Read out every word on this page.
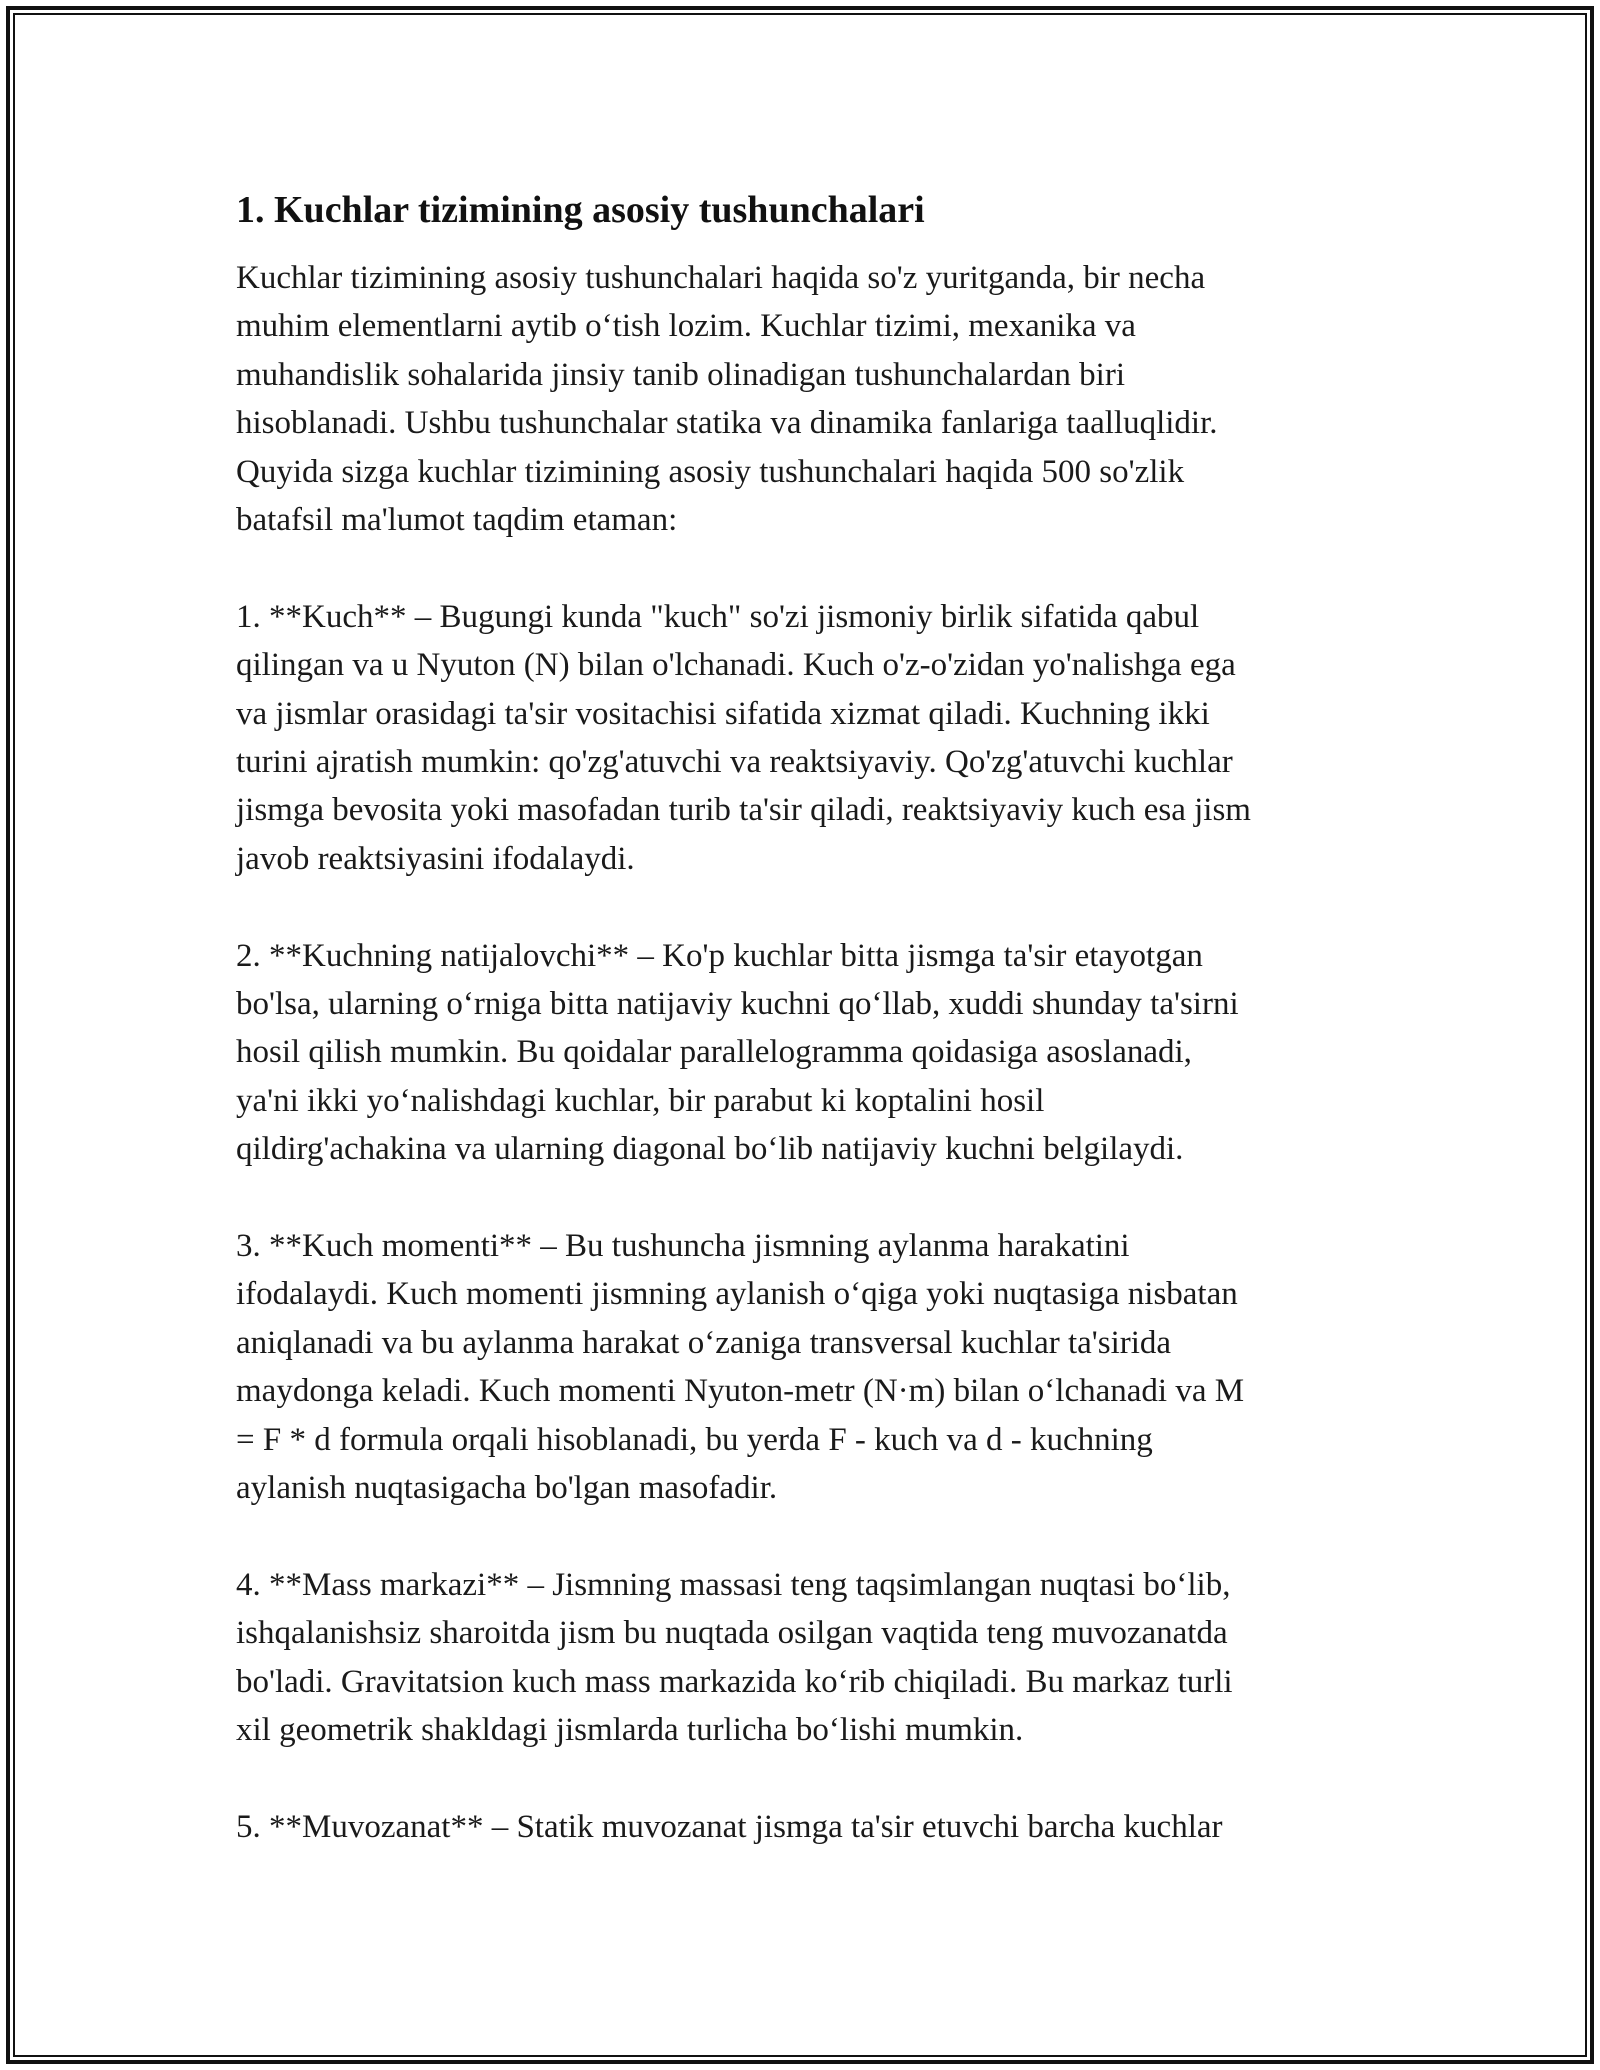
1. Kuchlar tizimining asosiy tushunchalari

Kuchlar tizimining asosiy tushunchalari haqida so'z yuritganda, bir necha
muhim elementlarni aytib o‘tish lozim. Kuchlar tizimi, mexanika va
muhandislik sohalarida jinsiy tanib olinadigan tushunchalardan biri
hisoblanadi. Ushbu tushunchalar statika va dinamika fanlariga taalluqlidir.
Quyida sizga kuchlar tizimining asosiy tushunchalari haqida 500 so'zlik
batafsil ma'lumot taqdim etaman:

1. **Kuch** – Bugungi kunda "kuch" so'zi jismoniy birlik sifatida qabul
qilingan va u Nyuton (N) bilan o'lchanadi. Kuch o'z-o'zidan yo'nalishga ega
va jismlar orasidagi ta'sir vositachisi sifatida xizmat qiladi. Kuchning ikki
turini ajratish mumkin: qo'zg'atuvchi va reaktsiyaviy. Qo'zg'atuvchi kuchlar
jismga bevosita yoki masofadan turib ta'sir qiladi, reaktsiyaviy kuch esa jism
javob reaktsiyasini ifodalaydi.

2. **Kuchning natijalovchi** – Ko'p kuchlar bitta jismga ta'sir etayotgan
bo'lsa, ularning o‘rniga bitta natijaviy kuchni qo‘llab, xuddi shunday ta'sirni
hosil qilish mumkin. Bu qoidalar parallelogramma qoidasiga asoslanadi,
ya'ni ikki yo‘nalishdagi kuchlar, bir parabut ki koptalini hosil
qildirg'achakina va ularning diagonal bo‘lib natijaviy kuchni belgilaydi.

3. **Kuch momenti** – Bu tushuncha jismning aylanma harakatini
ifodalaydi. Kuch momenti jismning aylanish o‘qiga yoki nuqtasiga nisbatan
aniqlanadi va bu aylanma harakat o‘zaniga transversal kuchlar ta'sirida
maydonga keladi. Kuch momenti Nyuton-metr (N·m) bilan o‘lchanadi va M
= F * d formula orqali hisoblanadi, bu yerda F - kuch va d - kuchning
aylanish nuqtasigacha bo'lgan masofadir.

4. **Mass markazi** – Jismning massasi teng taqsimlangan nuqtasi bo‘lib,
ishqalanishsiz sharoitda jism bu nuqtada osilgan vaqtida teng muvozanatda
bo'ladi. Gravitatsion kuch mass markazida ko‘rib chiqiladi. Bu markaz turli
xil geometrik shakldagi jismlarda turlicha bo‘lishi mumkin.

5. **Muvozanat** – Statik muvozanat jismga ta'sir etuvchi barcha kuchlar
